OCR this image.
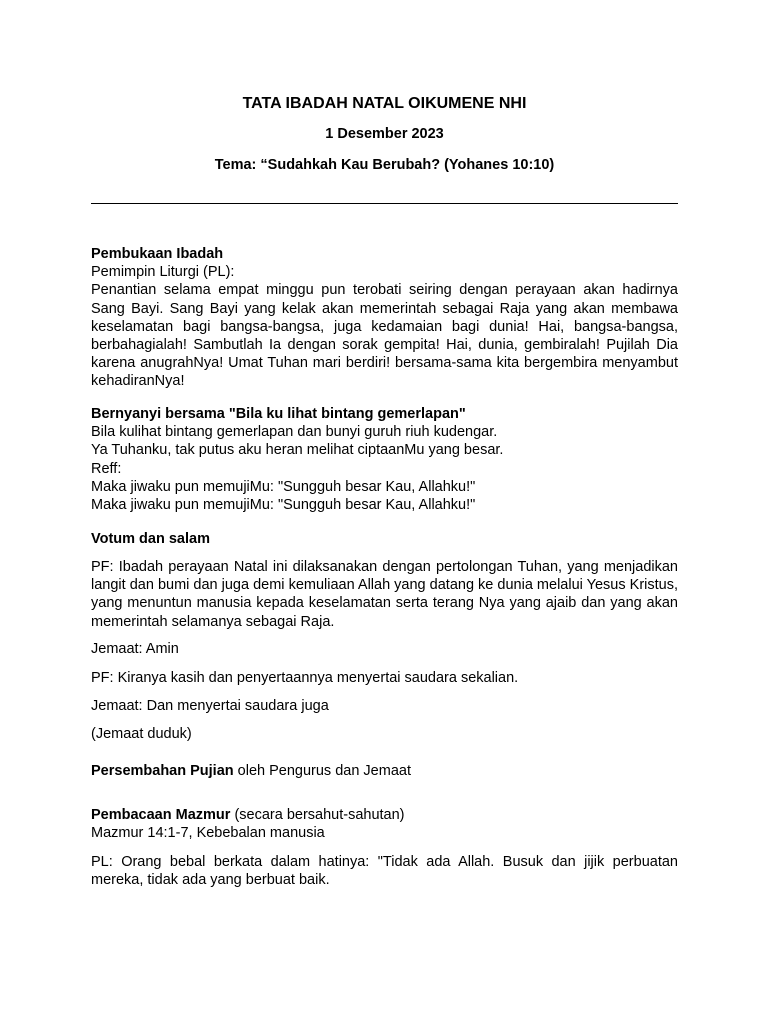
TATA IBADAH NATAL OIKUMENE NHI
1 Desember 2023
Tema: “Sudahkah Kau Berubah? (Yohanes 10:10)
Pembukaan Ibadah
Pemimpin Liturgi (PL):
Penantian selama empat minggu pun terobati seiring dengan perayaan akan hadirnya Sang Bayi. Sang Bayi yang kelak akan memerintah sebagai Raja yang akan membawa keselamatan bagi bangsa-bangsa, juga kedamaian bagi dunia! Hai, bangsa-bangsa, berbahagialah! Sambutlah Ia dengan sorak gempita! Hai, dunia, gembiralah! Pujilah Dia karena anugrahNya! Umat Tuhan mari berdiri! bersama-sama kita bergembira menyambut kehadiranNya!
Bernyanyi bersama "Bila ku lihat bintang gemerlapan"
Bila kulihat bintang gemerlapan dan bunyi guruh riuh kudengar.
Ya Tuhanku, tak putus aku heran melihat ciptaanMu yang besar.
Reff:
Maka jiwaku pun memujiMu: "Sungguh besar Kau, Allahku!"
Maka jiwaku pun memujiMu: "Sungguh besar Kau, Allahku!"
Votum dan salam
PF: Ibadah perayaan Natal ini dilaksanakan dengan pertolongan Tuhan, yang menjadikan langit dan bumi dan juga demi kemuliaan Allah yang datang ke dunia melalui Yesus Kristus, yang menuntun manusia kepada keselamatan serta terang Nya yang ajaib dan yang akan memerintah selamanya sebagai Raja.
Jemaat: Amin
PF: Kiranya kasih dan penyertaannya menyertai saudara sekalian.
Jemaat: Dan menyertai saudara juga
(Jemaat duduk)
Persembahan Pujian oleh Pengurus dan Jemaat
Pembacaan Mazmur (secara bersahut-sahutan)
Mazmur 14:1-7, Kebebalan manusia
PL: Orang bebal berkata dalam hatinya: "Tidak ada Allah. Busuk dan jijik perbuatan mereka, tidak ada yang berbuat baik.
